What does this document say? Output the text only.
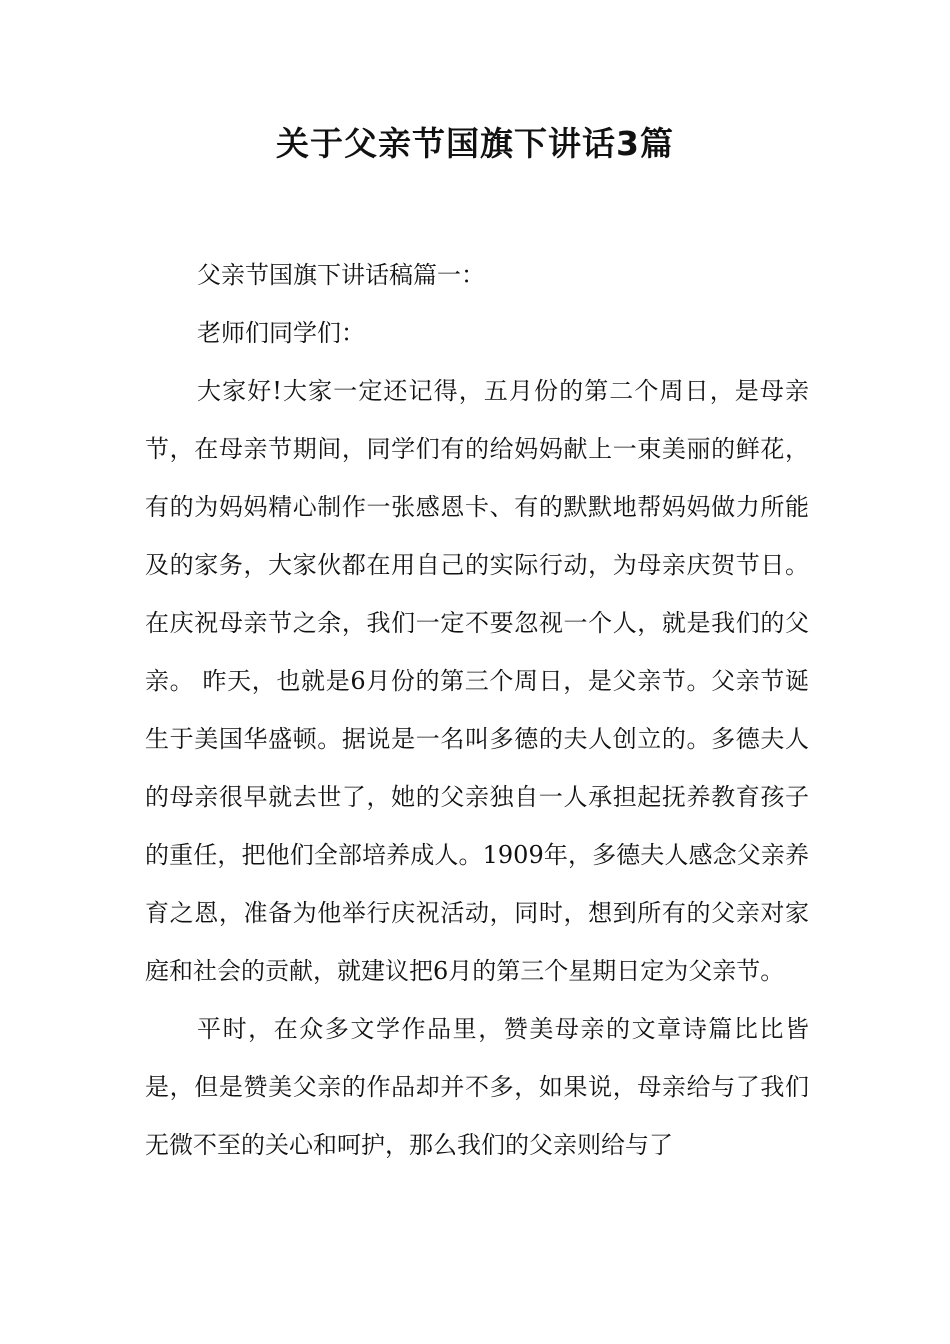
关于父亲节国旗下讲话3篇

父亲节国旗下讲话稿篇一：

老师们同学们：

大家好!大家一定还记得，五月份的第二个周日，是母亲节，在母亲节期间，同学们有的给妈妈献上一束美丽的鲜花，有的为妈妈精心制作一张感恩卡、有的默默地帮妈妈做力所能及的家务，大家伙都在用自己的实际行动，为母亲庆贺节日。在庆祝母亲节之余，我们一定不要忽视一个人，就是我们的父亲。 昨天，也就是6月份的第三个周日，是父亲节。父亲节诞生于美国华盛顿。据说是一名叫多德的夫人创立的。多德夫人的母亲很早就去世了，她的父亲独自一人承担起抚养教育孩子的重任，把他们全部培养成人。1909年，多德夫人感念父亲养育之恩，准备为他举行庆祝活动，同时，想到所有的父亲对家庭和社会的贡献，就建议把6月的第三个星期日定为父亲节。

平时，在众多文学作品里，赞美母亲的文章诗篇比比皆是，但是赞美父亲的作品却并不多，如果说，母亲给与了我们无微不至的关心和呵护，那么我们的父亲则给与了
